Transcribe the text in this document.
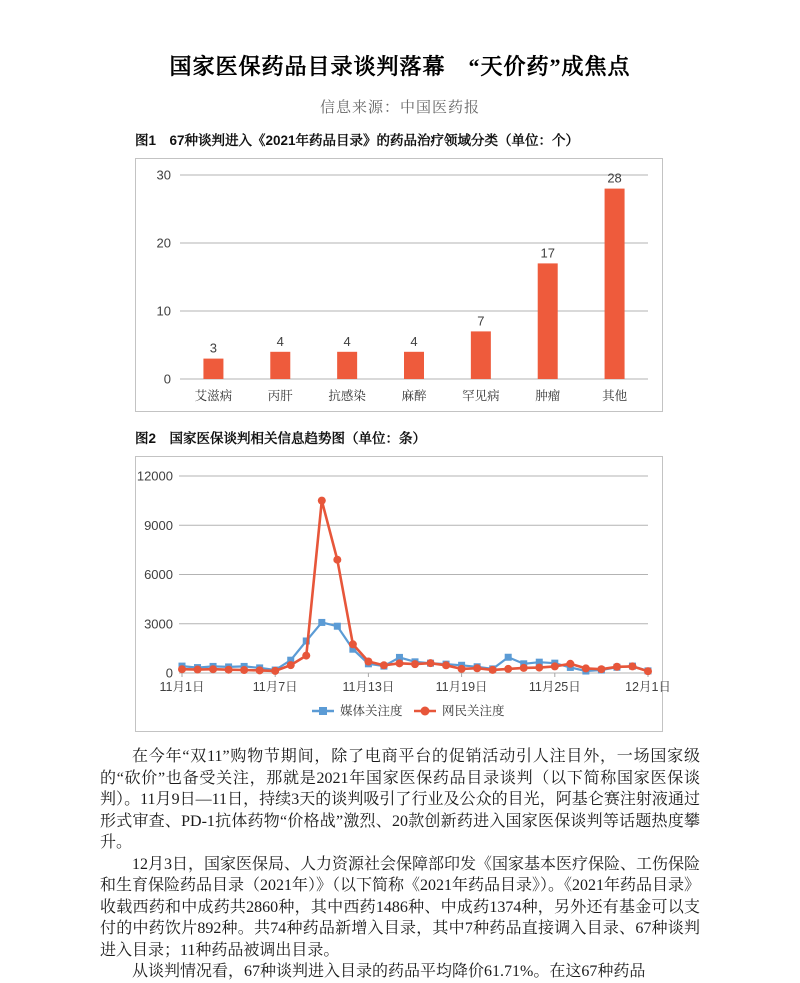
国家医保药品目录谈判落幕　“天价药”成焦点
信息来源：中国医药报
图1　67种谈判进入《2021年药品目录》的药品治疗领域分类（单位：个）
0
10
20
30
3
艾滋病
4
丙肝
4
抗感染
4
麻醉
7
罕见病
17
肿瘤
28
其他
图2　国家医保谈判相关信息趋势图（单位：条）
0
3000
6000
9000
12000
11月1日	11月7日	11月13日	11月19日	11月25日	12月1日
媒体关注度	网民关注度

在今年“双11”购物节期间，除了电商平台的促销活动引人注目外，一场国家级的“砍价”也备受关注，那就是2021年国家医保药品目录谈判（以下简称国家医保谈判）。11月9日—11日，持续3天的谈判吸引了行业及公众的目光，阿基仑赛注射液通过形式审查、PD-1抗体药物“价格战”激烈、20款创新药进入国家医保谈判等话题热度攀升。

12月3日，国家医保局、人力资源社会保障部印发《国家基本医疗保险、工伤保险和生育保险药品目录（2021年）》（以下简称《2021年药品目录》）。《2021年药品目录》收载西药和中成药共2860种，其中西药1486种、中成药1374种，另外还有基金可以支付的中药饮片892种。共74种药品新增入目录，其中7种药品直接调入目录、67种谈判进入目录；11种药品被调出目录。

从谈判情况看，67种谈判进入目录的药品平均降价61.71%。在这67种药品
